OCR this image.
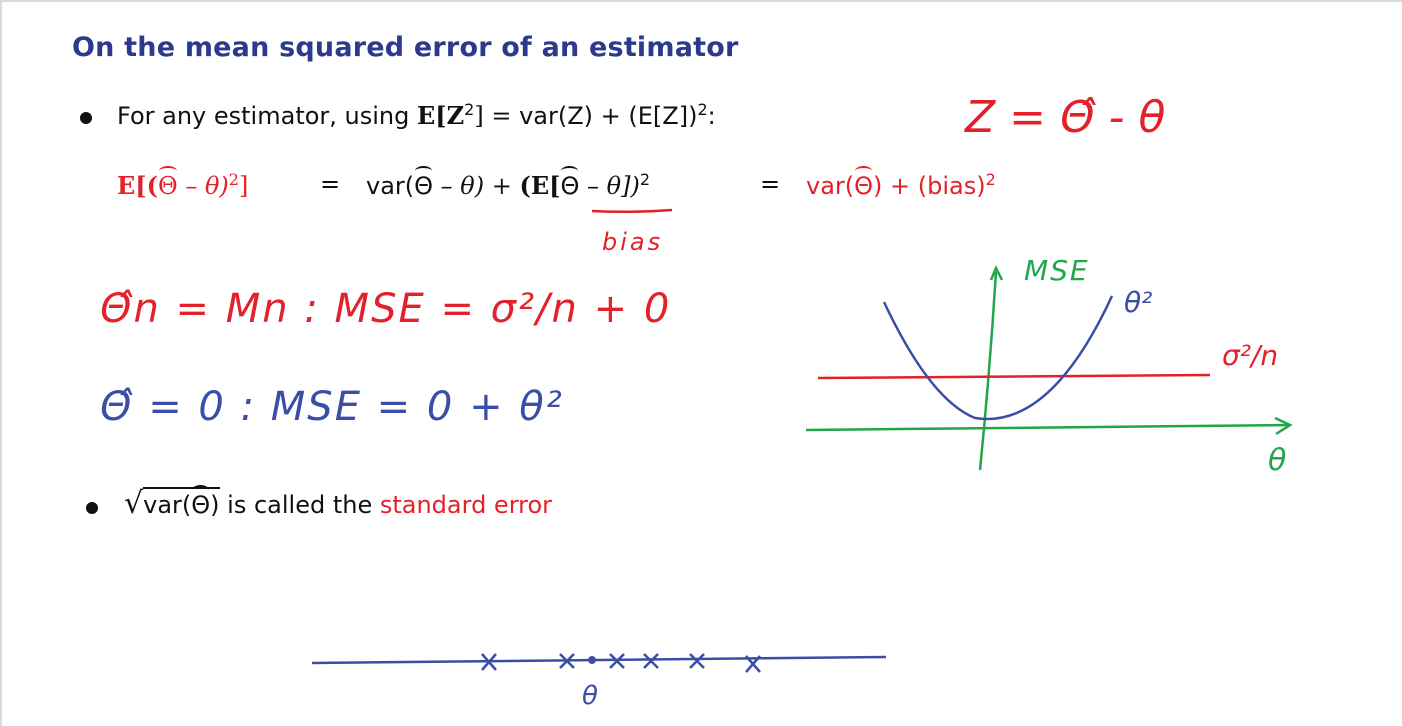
On the mean squared error of an estimator
For any estimator, using $E[Z^2] = var(Z) + (E[Z])^2$:
E[(Θ – θ)$^2$]	= var(Θ – θ) + (E[Θ – θ])$^2$	= var(Θ) + (bias)$^2$
√var(Θ) is called the standard error
Z = Θ̂ - θ
bias
Θ̂n = Mn : MSE = σ²/n + 0
Θ̂ = 0 : MSE = 0 + θ²
MSE
θ
σ²/n
θ²
θ
